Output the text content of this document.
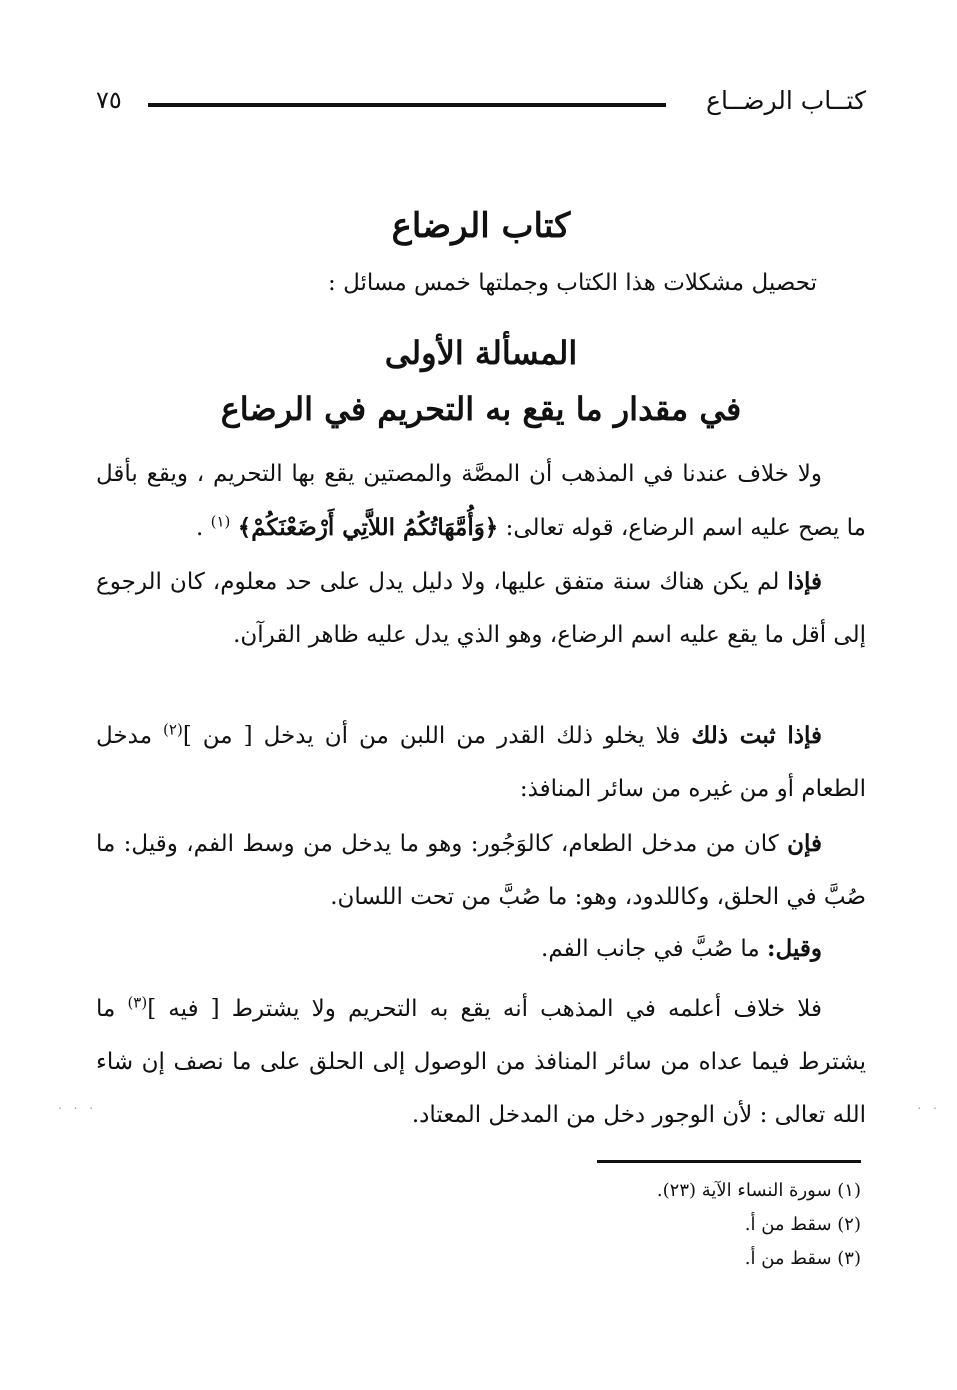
كتــاب الرضــاع
٧٥
كتاب الرضاع
تحصيل مشكلات هذا الكتاب وجملتها خمس مسائل :
المسألة الأولى
في مقدار ما يقع به التحريم في الرضاع
ولا خلاف عندنا في المذهب أن المصَّة والمصتين يقع بها التحريم ، ويقع بأقل ما يصح عليه اسم الرضاع، قوله تعالى: ﴿وَأُمَّهَاتُكُمُ اللاَّتِي أَرْضَعْنَكُمْ﴾ $^{(١)}$ .
فإذا لم يكن هناك سنة متفق عليها، ولا دليل يدل على حد معلوم، كان الرجوع إلى أقل ما يقع عليه اسم الرضاع، وهو الذي يدل عليه ظاهر القرآن.
فإذا ثبت ذلك فلا يخلو ذلك القدر من اللبن من أن يدخل [ من ]$^{(٢)}$ مدخل الطعام أو من غيره من سائر المنافذ:
فإن كان من مدخل الطعام، كالوَجُور: وهو ما يدخل من وسط الفم، وقيل: ما صُبَّ في الحلق، وكاللدود، وهو: ما صُبَّ من تحت اللسان.
وقيل: ما صُبَّ في جانب الفم.
فلا خلاف أعلمه في المذهب أنه يقع به التحريم ولا يشترط [ فيه ]$^{(٣)}$ ما يشترط فيما عداه من سائر المنافذ من الوصول إلى الحلق على ما نصف إن شاء الله تعالى : لأن الوجور دخل من المدخل المعتاد.
. . .	. .
(١) سورة النساء الآية (٢٣).
(٢) سقط من أ.
(٣) سقط من أ.
